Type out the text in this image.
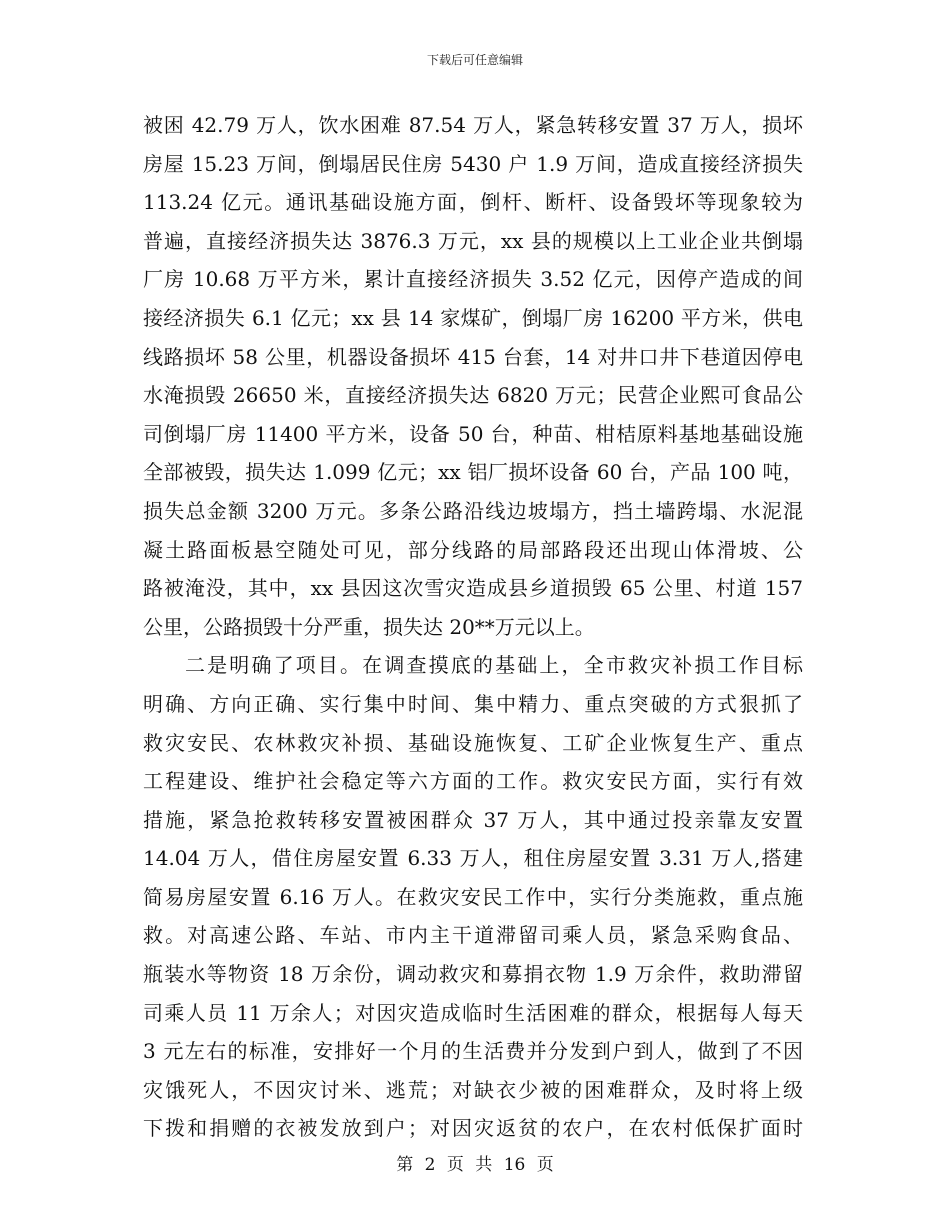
下载后可任意编辑
被困 42.79 万人，饮水困难 87.54 万人，紧急转移安置 37 万人，损坏
房屋 15.23 万间，倒塌居民住房 5430 户 1.9 万间，造成直接经济损失
113.24 亿元。通讯基础设施方面，倒杆、断杆、设备毁坏等现象较为
普遍，直接经济损失达 3876.3 万元，xx 县的规模以上工业企业共倒塌
厂房 10.68 万平方米，累计直接经济损失 3.52 亿元，因停产造成的间
接经济损失 6.1 亿元；xx 县 14 家煤矿，倒塌厂房 16200 平方米，供电
线路损坏 58 公里，机器设备损坏 415 台套，14 对井口井下巷道因停电
水淹损毁 26650 米，直接经济损失达 6820 万元；民营企业熙可食品公
司倒塌厂房 11400 平方米，设备 50 台，种苗、柑桔原料基地基础设施
全部被毁，损失达 1.099 亿元；xx 铝厂损坏设备 60 台，产品 100 吨，
损失总金额 3200 万元。多条公路沿线边坡塌方，挡土墙跨塌、水泥混
凝土路面板悬空随处可见，部分线路的局部路段还出现山体滑坡、公
路被淹没，其中，xx 县因这次雪灾造成县乡道损毁 65 公里、村道 157
公里，公路损毁十分严重，损失达 20**万元以上。
二是明确了项目。在调查摸底的基础上，全市救灾补损工作目标
明确、方向正确、实行集中时间、集中精力、重点突破的方式狠抓了
救灾安民、农林救灾补损、基础设施恢复、工矿企业恢复生产、重点
工程建设、维护社会稳定等六方面的工作。救灾安民方面，实行有效
措施，紧急抢救转移安置被困群众 37 万人，其中通过投亲靠友安置
14.04 万人，借住房屋安置 6.33 万人，租住房屋安置 3.31 万人,搭建
简易房屋安置 6.16 万人。在救灾安民工作中，实行分类施救，重点施
救。对高速公路、车站、市内主干道滞留司乘人员，紧急采购食品、
瓶装水等物资 18 万余份，调动救灾和募捐衣物 1.9 万余件，救助滞留
司乘人员 11 万余人；对因灾造成临时生活困难的群众，根据每人每天
3 元左右的标准，安排好一个月的生活费并分发到户到人，做到了不因
灾饿死人，不因灾讨米、逃荒；对缺衣少被的困难群众，及时将上级
下拨和捐赠的衣被发放到户；对因灾返贫的农户，在农村低保扩面时
第 2 页 共 16 页
